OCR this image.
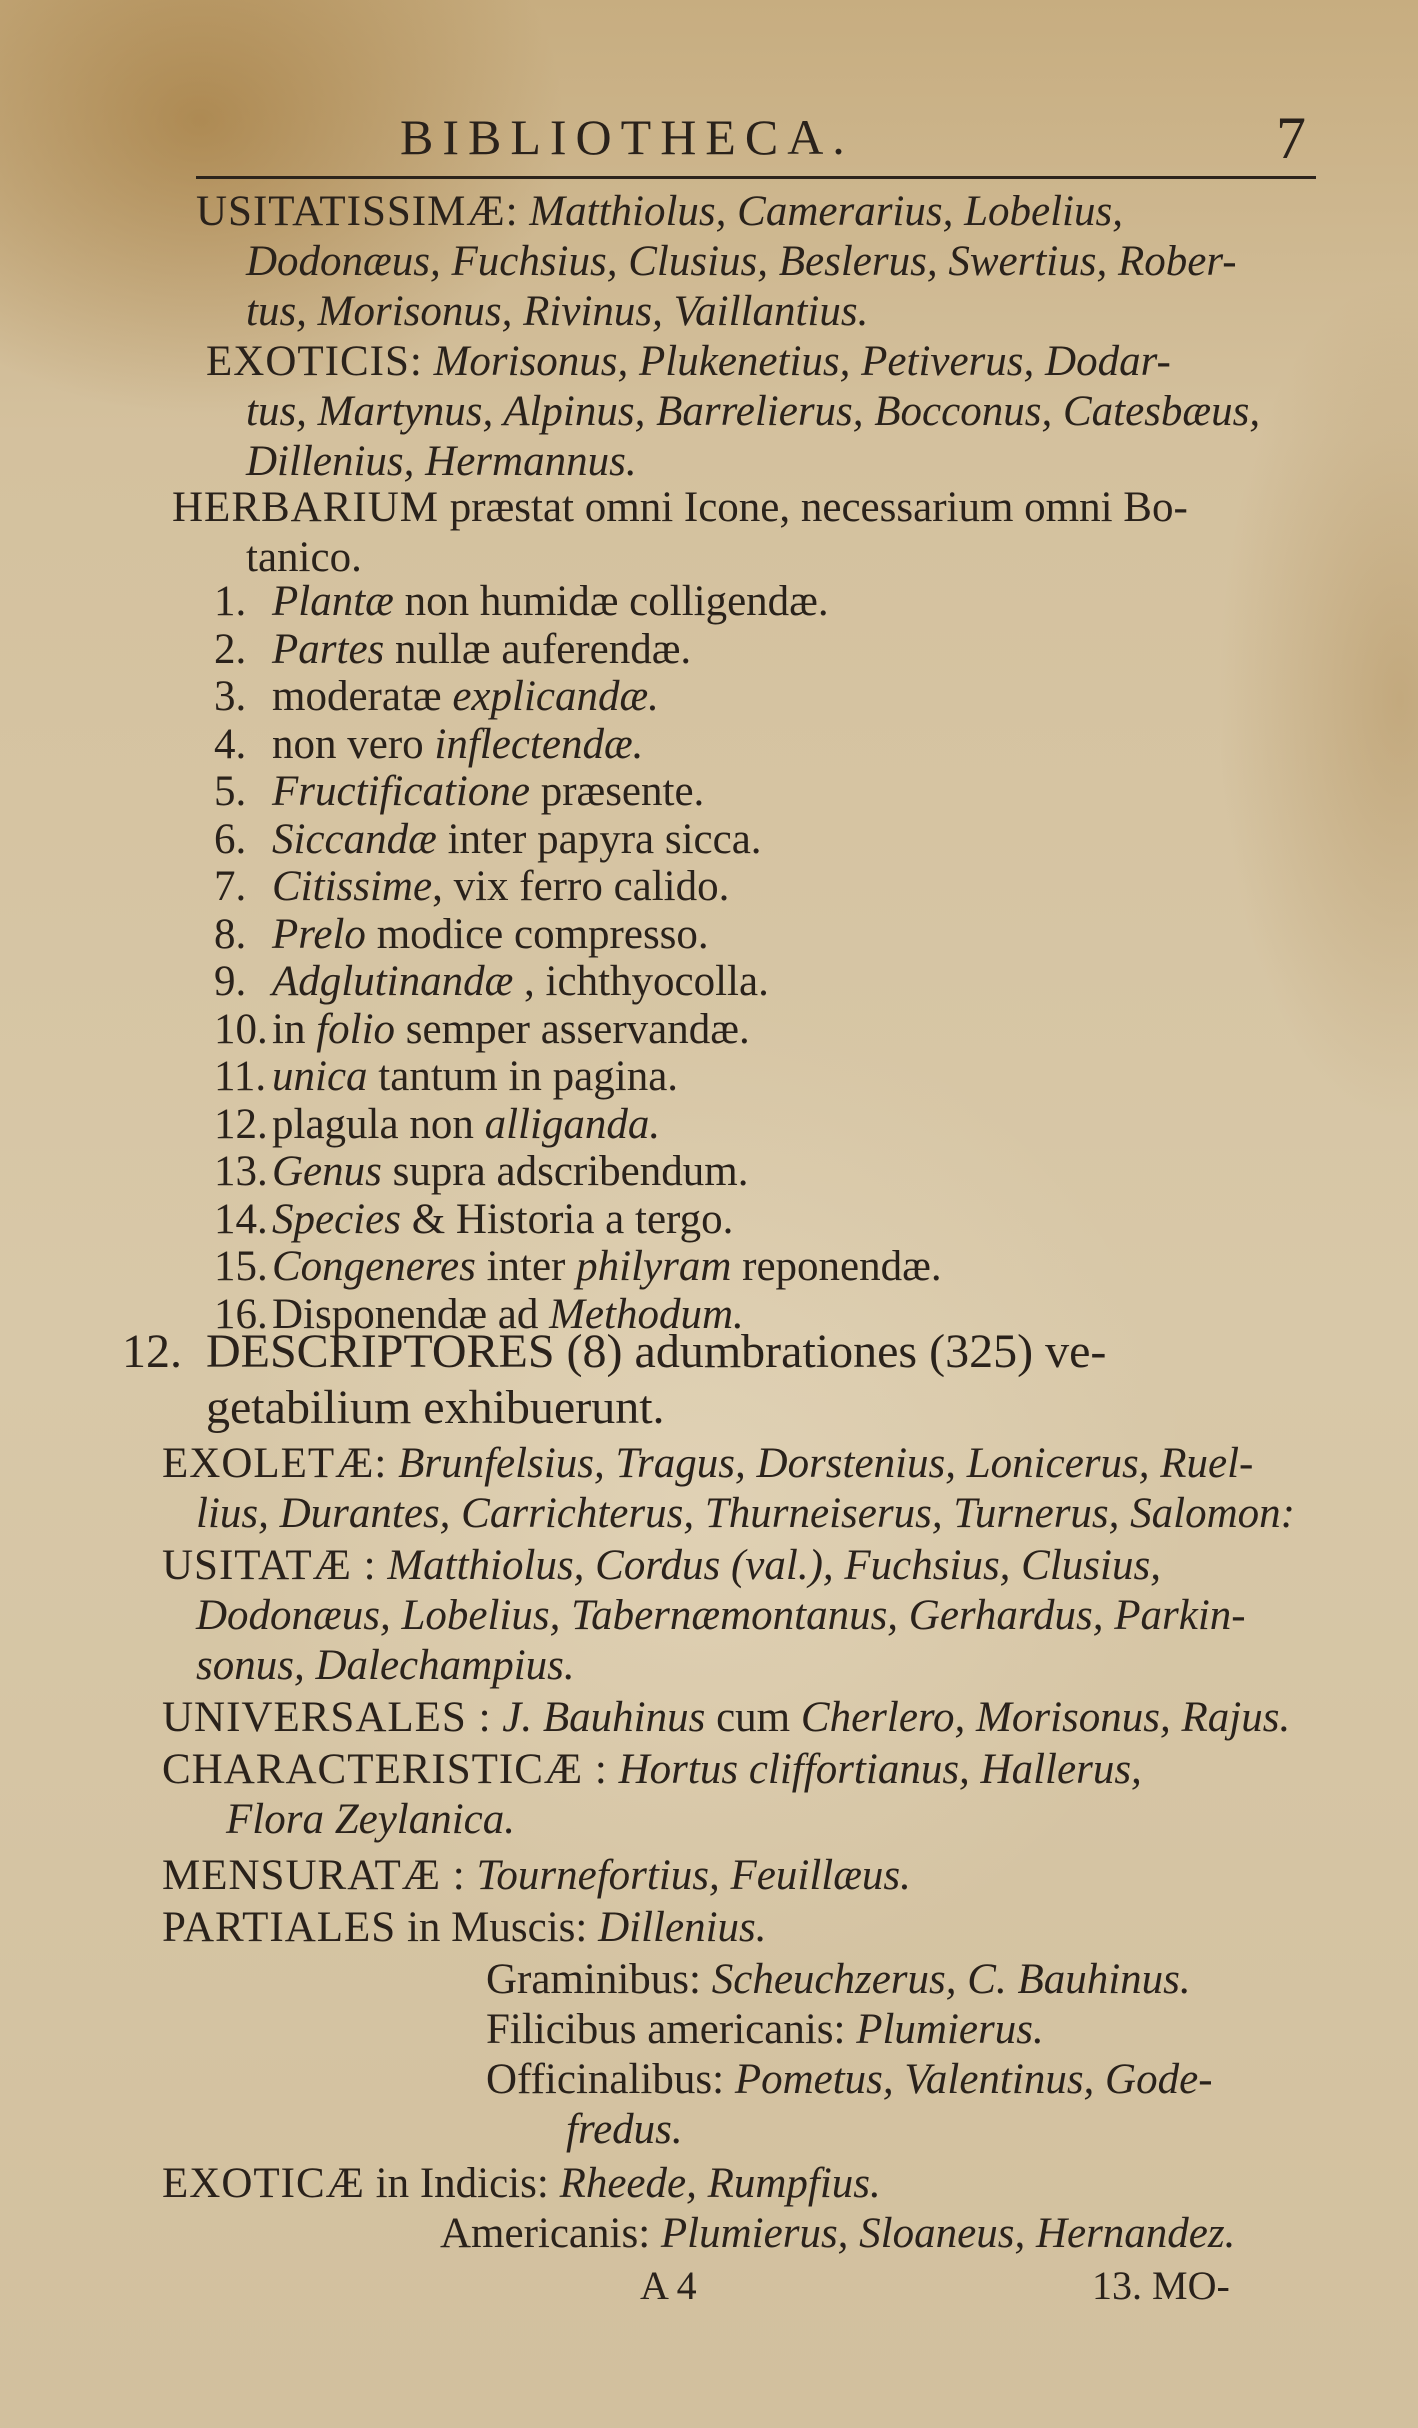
BIBLIOTHECA.	7
USITATISSIMÆ: Matthiolus, Camerarius, Lobelius,
Dodonæus, Fuchsius, Clusius, Beslerus, Swertius, Rober-
tus, Morisonus, Rivinus, Vaillantius.
EXOTICIS: Morisonus, Plukenetius, Petiverus, Dodar-
tus, Martynus, Alpinus, Barrelierus, Bocconus, Catesbæus,
Dillenius, Hermannus.
HERBARIUM præstat omni Icone, necessarium omni Bo-
tanico.
1. Plantæ non humidæ colligendæ.
2. Partes nullæ auferendæ.
3. moderatæ explicandæ.
4. non vero inflectendæ.
5. Fructificatione præsente.
6. Siccandæ inter papyra sicca.
7. Citissime, vix ferro calido.
8. Prelo modice compresso.
9. Adglutinandæ , ichthyocolla.
10.in folio semper asservandæ.
11. unica tantum in pagina.
12.plagula non alliganda.
13.Genus supra adscribendum.
14.Species & Historia a tergo.
15.Congeneres inter philyram reponendæ.
16.Disponendæ ad Methodum.
12. DESCRIPTORES (8) adumbrationes (325) ve-
getabilium exhibuerunt.
EXOLETÆ: Brunfelsius, Tragus, Dorstenius, Lonicerus, Ruel-
lius, Durantes, Carrichterus, Thurneiserus, Turnerus, Salomon:
USITATÆ : Matthiolus, Cordus (val.), Fuchsius, Clusius,
Dodonæus, Lobelius, Tabernæmontanus, Gerhardus, Parkin-
sonus, Dalechampius.
UNIVERSALES : J. Bauhinus cum Cherlero, Morisonus, Rajus.
CHARACTERISTICÆ : Hortus cliffortianus, Hallerus,
Flora Zeylanica.
MENSURATÆ : Tournefortius, Feuillæus.
PARTIALES in Muscis: Dillenius.
Graminibus: Scheuchzerus, C. Bauhinus.
Filicibus americanis: Plumierus.
Officinalibus: Pometus, Valentinus, Gode-
fredus.
EXOTICÆ in Indicis: Rheede, Rumpfius.
Americanis: Plumierus, Sloaneus, Hernandez.
A 4	13. MO-
